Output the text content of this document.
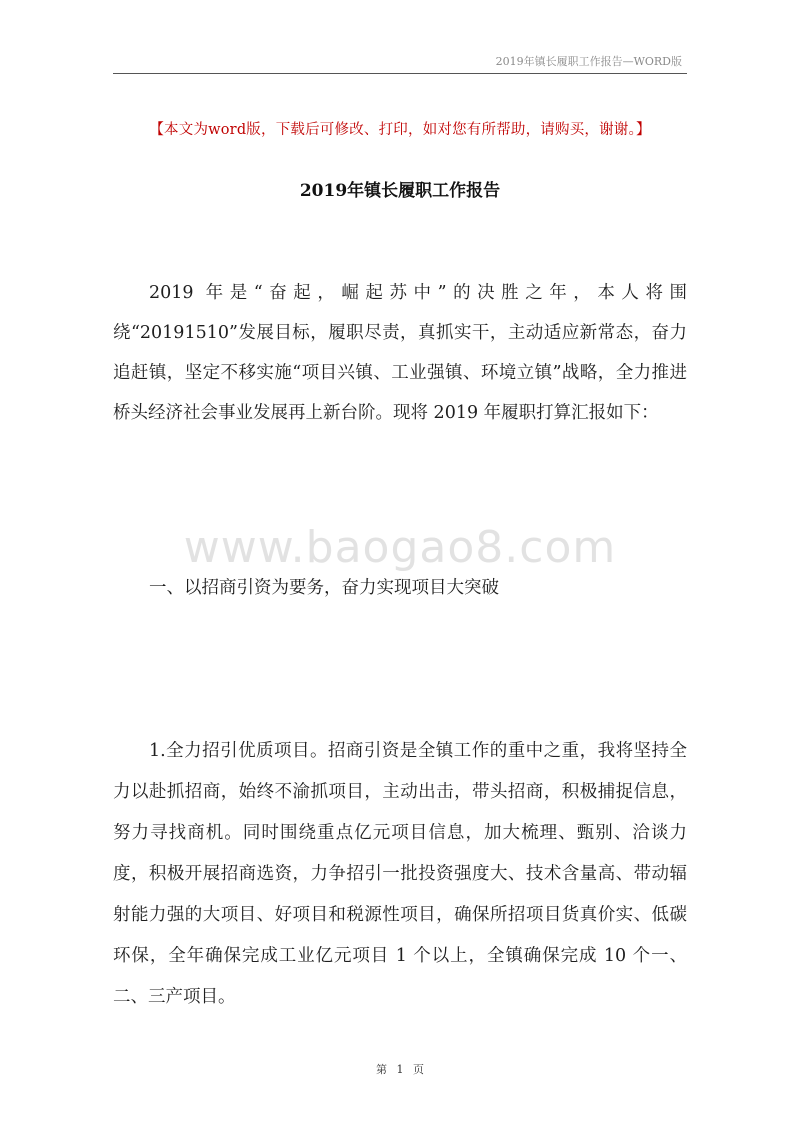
2019年镇长履职工作报告—WORD版
【本文为word版，下载后可修改、打印，如对您有所帮助，请购买，谢谢。】
2019年镇长履职工作报告

2019 年是“奋起，崛起苏中”的决胜之年，本人将围绕“20191510”发展目标，履职尽责，真抓实干，主动适应新常态，奋力追赶镇，坚定不移实施“项目兴镇、工业强镇、环境立镇”战略，全力推进桥头经济社会事业发展再上新台阶。现将 2019 年履职打算汇报如下：

www.baogao8.com

一、以招商引资为要务，奋力实现项目大突破

1.全力招引优质项目。招商引资是全镇工作的重中之重，我将坚持全力以赴抓招商，始终不渝抓项目，主动出击，带头招商，积极捕捉信息，努力寻找商机。同时围绕重点亿元项目信息，加大梳理、甄别、洽谈力度，积极开展招商选资，力争招引一批投资强度大、技术含量高、带动辐射能力强的大项目、好项目和税源性项目，确保所招项目货真价实、低碳环保，全年确保完成工业亿元项目 1 个以上，全镇确保完成 10 个一、二、三产项目。

第 1 页
